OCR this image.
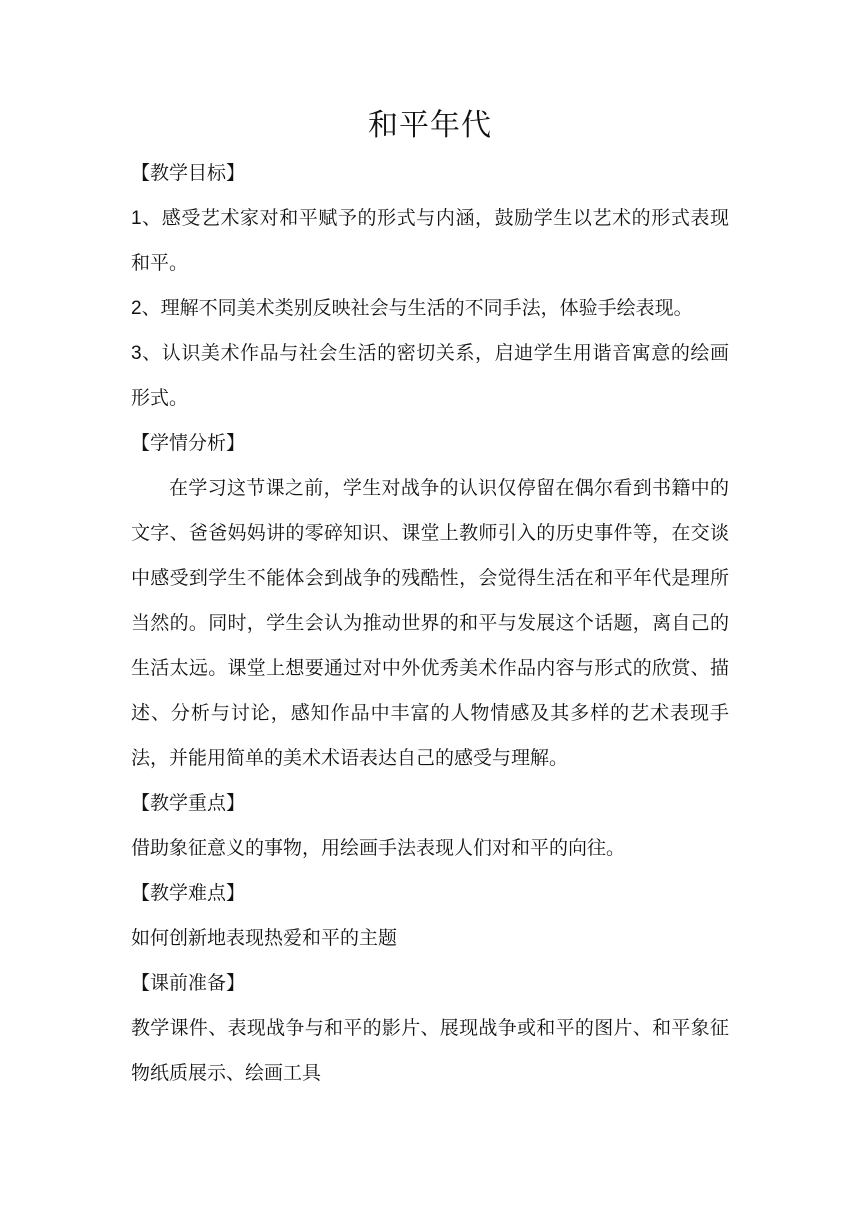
和平年代

【教学目标】

1、感受艺术家对和平赋予的形式与内涵，鼓励学生以艺术的形式表现和平。

2、理解不同美术类别反映社会与生活的不同手法，体验手绘表现。

3、认识美术作品与社会生活的密切关系，启迪学生用谐音寓意的绘画形式。

【学情分析】

在学习这节课之前，学生对战争的认识仅停留在偶尔看到书籍中的文字、爸爸妈妈讲的零碎知识、课堂上教师引入的历史事件等，在交谈中感受到学生不能体会到战争的残酷性，会觉得生活在和平年代是理所当然的。同时，学生会认为推动世界的和平与发展这个话题，离自己的生活太远。课堂上想要通过对中外优秀美术作品内容与形式的欣赏、描述、分析与讨论，感知作品中丰富的人物情感及其多样的艺术表现手法，并能用简单的美术术语表达自己的感受与理解。

【教学重点】

借助象征意义的事物，用绘画手法表现人们对和平的向往。

【教学难点】

如何创新地表现热爱和平的主题

【课前准备】

教学课件、表现战争与和平的影片、展现战争或和平的图片、和平象征物纸质展示、绘画工具
